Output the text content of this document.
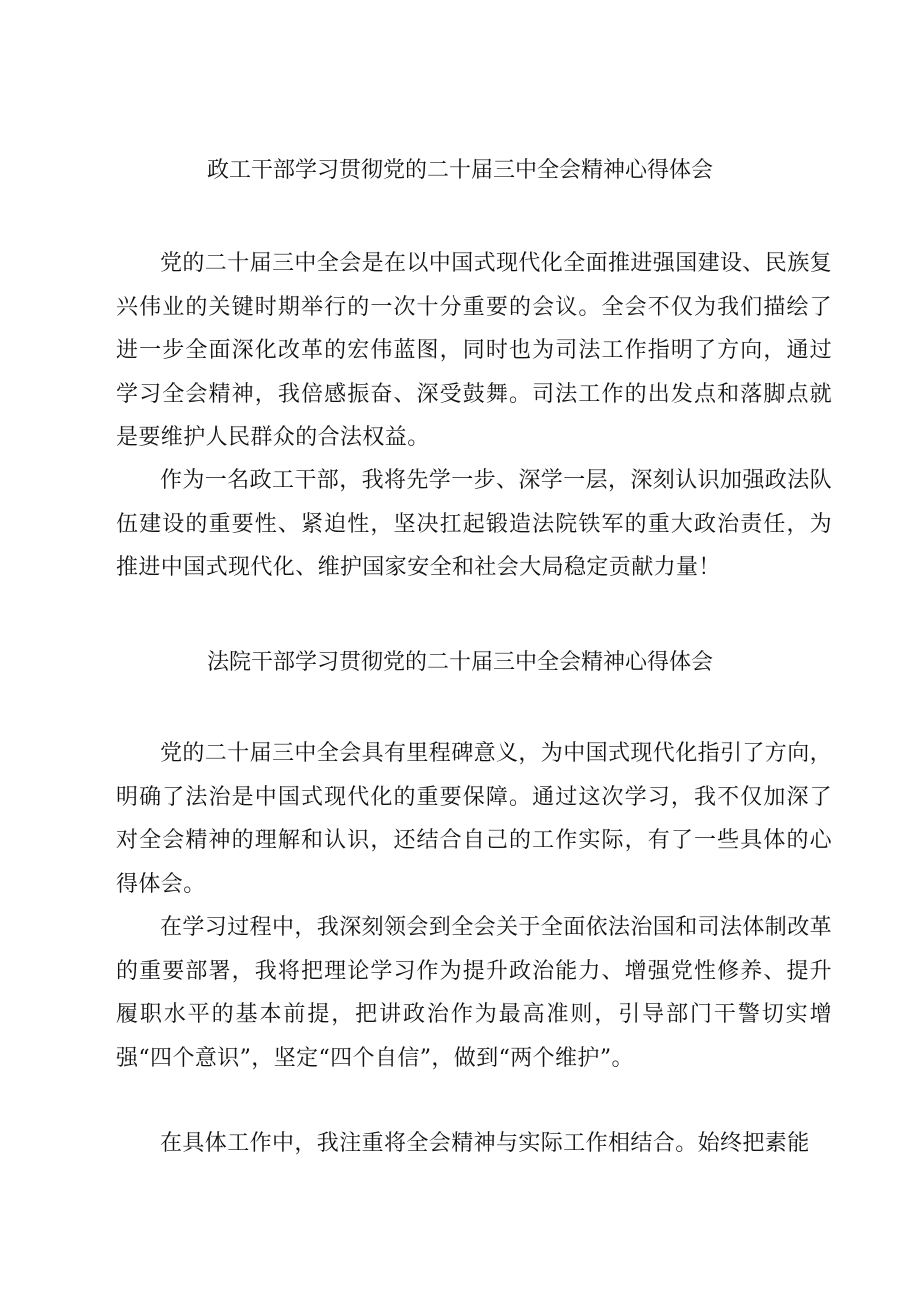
政工干部学习贯彻党的二十届三中全会精神心得体会

党的二十届三中全会是在以中国式现代化全面推进强国建设、民族复兴伟业的关键时期举行的一次十分重要的会议。全会不仅为我们描绘了进一步全面深化改革的宏伟蓝图，同时也为司法工作指明了方向，通过学习全会精神，我倍感振奋、深受鼓舞。司法工作的出发点和落脚点就是要维护人民群众的合法权益。

作为一名政工干部，我将先学一步、深学一层，深刻认识加强政法队伍建设的重要性、紧迫性，坚决扛起锻造法院铁军的重大政治责任，为推进中国式现代化、维护国家安全和社会大局稳定贡献力量！

法院干部学习贯彻党的二十届三中全会精神心得体会

党的二十届三中全会具有里程碑意义，为中国式现代化指引了方向，明确了法治是中国式现代化的重要保障。通过这次学习，我不仅加深了对全会精神的理解和认识，还结合自己的工作实际，有了一些具体的心得体会。

在学习过程中，我深刻领会到全会关于全面依法治国和司法体制改革的重要部署，我将把理论学习作为提升政治能力、增强党性修养、提升履职水平的基本前提，把讲政治作为最高准则，引导部门干警切实增强“四个意识”，坚定“四个自信”，做到“两个维护”。

在具体工作中，我注重将全会精神与实际工作相结合。始终把素能
